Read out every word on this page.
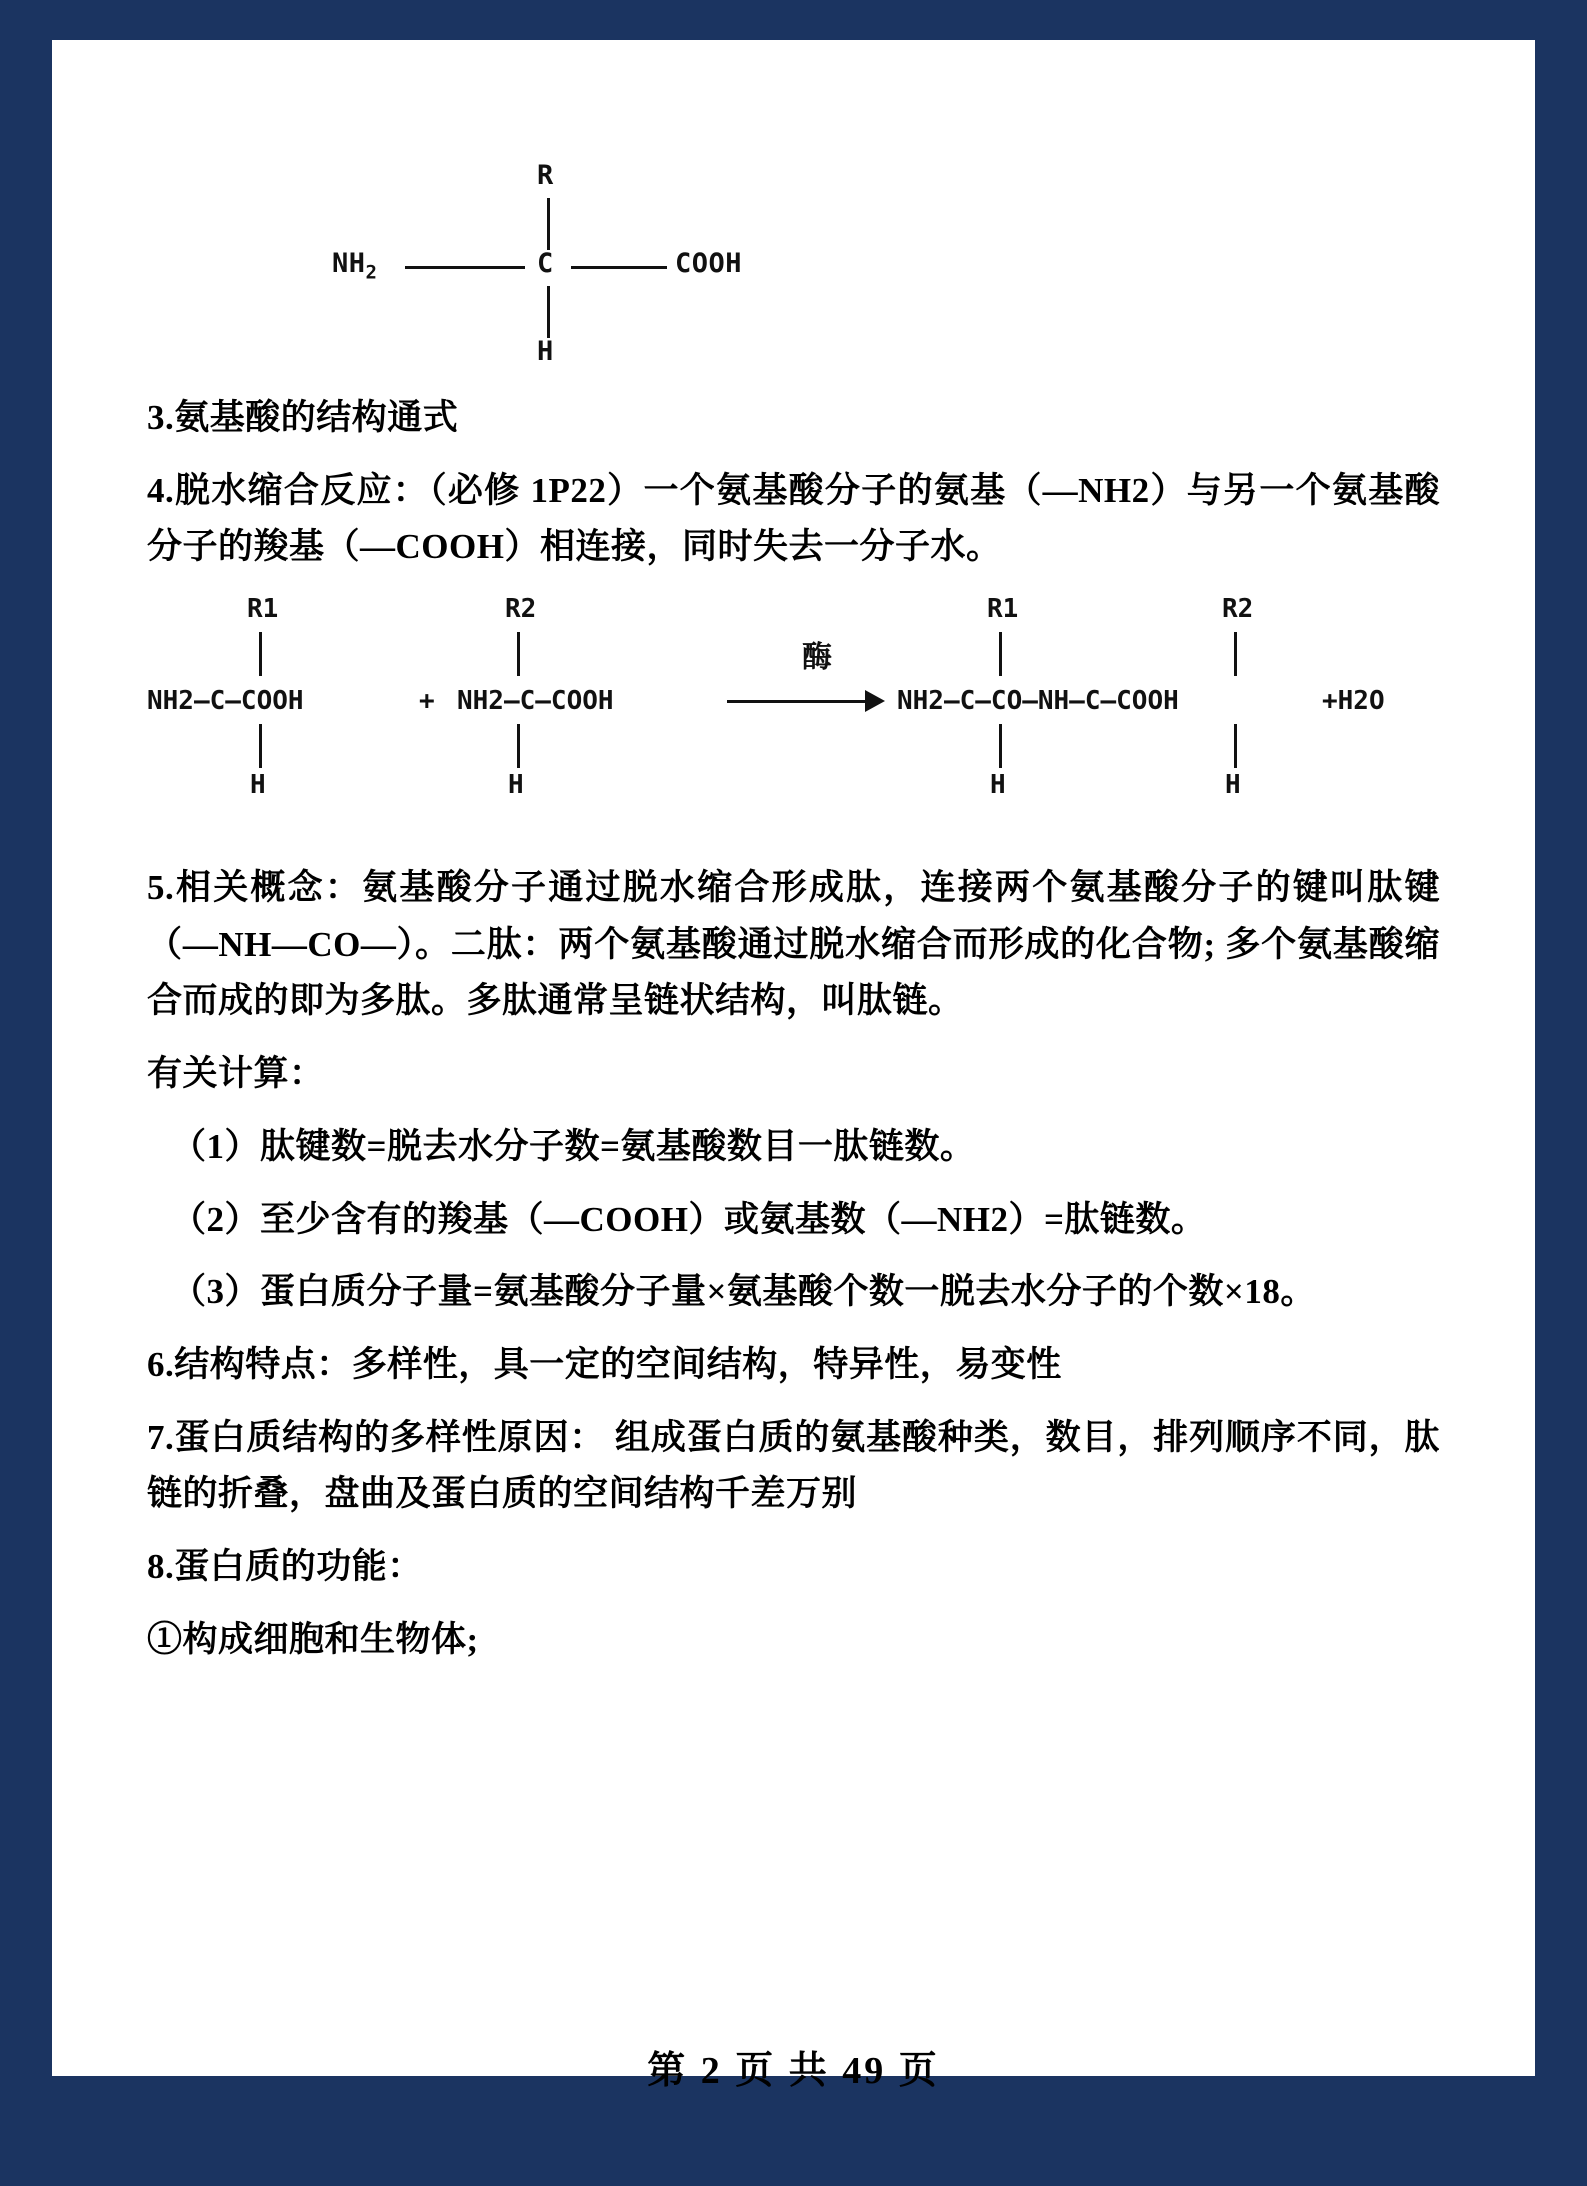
R
$NH_2$	C	COOH
H

3.氨基酸的结构通式

4.脱水缩合反应：（必修 1P22）一个氨基酸分子的氨基（—NH2）与另一个氨基酸分子的羧基（—COOH）相连接，同时失去一分子水。

R1	R2	R1	R2
酶
NH2—C—COOH	+ NH2—C—COOH	NH2—C—CO—NH—C—COOH	+H2O
H	H	H	H

5.相关概念：氨基酸分子通过脱水缩合形成肽，连接两个氨基酸分子的键叫肽键（—NH—CO—）。二肽：两个氨基酸通过脱水缩合而形成的化合物; 多个氨基酸缩合而成的即为多肽。多肽通常呈链状结构，叫肽链。

有关计算：

（1）肽键数=脱去水分子数=氨基酸数目一肽链数。

（2）至少含有的羧基（—COOH）或氨基数（—NH2）=肽链数。

（3）蛋白质分子量=氨基酸分子量×氨基酸个数一脱去水分子的个数×18。

6.结构特点：多样性，具一定的空间结构，特异性，易变性

7.蛋白质结构的多样性原因： 组成蛋白质的氨基酸种类，数目，排列顺序不同，肽链的折叠，盘曲及蛋白质的空间结构千差万别

8.蛋白质的功能：

①构成细胞和生物体;

第 2 页 共 49 页
